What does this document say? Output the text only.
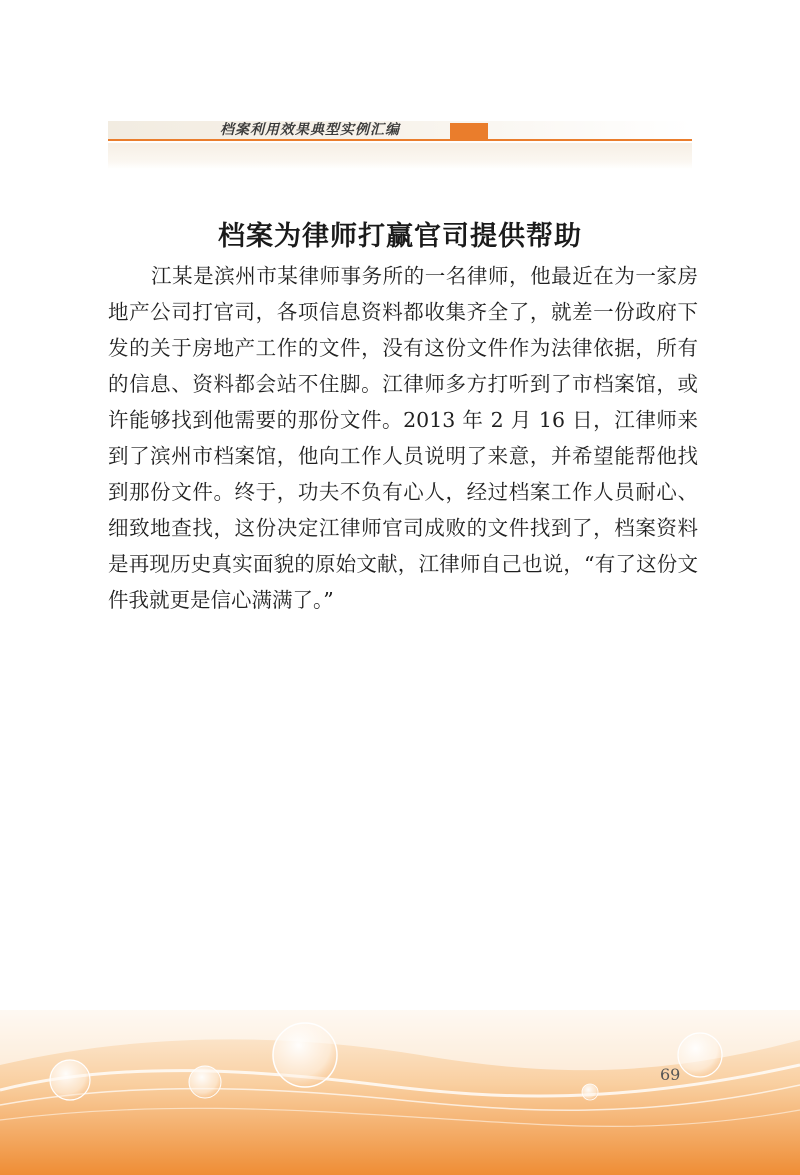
档案利用效果典型实例汇编
档案为律师打赢官司提供帮助

江某是滨州市某律师事务所的一名律师，他最近在为一家房地产公司打官司，各项信息资料都收集齐全了，就差一份政府下发的关于房地产工作的文件，没有这份文件作为法律依据，所有的信息、资料都会站不住脚。江律师多方打听到了市档案馆，或许能够找到他需要的那份文件。2013 年 2 月 16 日，江律师来到了滨州市档案馆，他向工作人员说明了来意，并希望能帮他找到那份文件。终于，功夫不负有心人，经过档案工作人员耐心、细致地查找，这份决定江律师官司成败的文件找到了，档案资料是再现历史真实面貌的原始文献，江律师自己也说，“有了这份文件我就更是信心满满了。”

69
